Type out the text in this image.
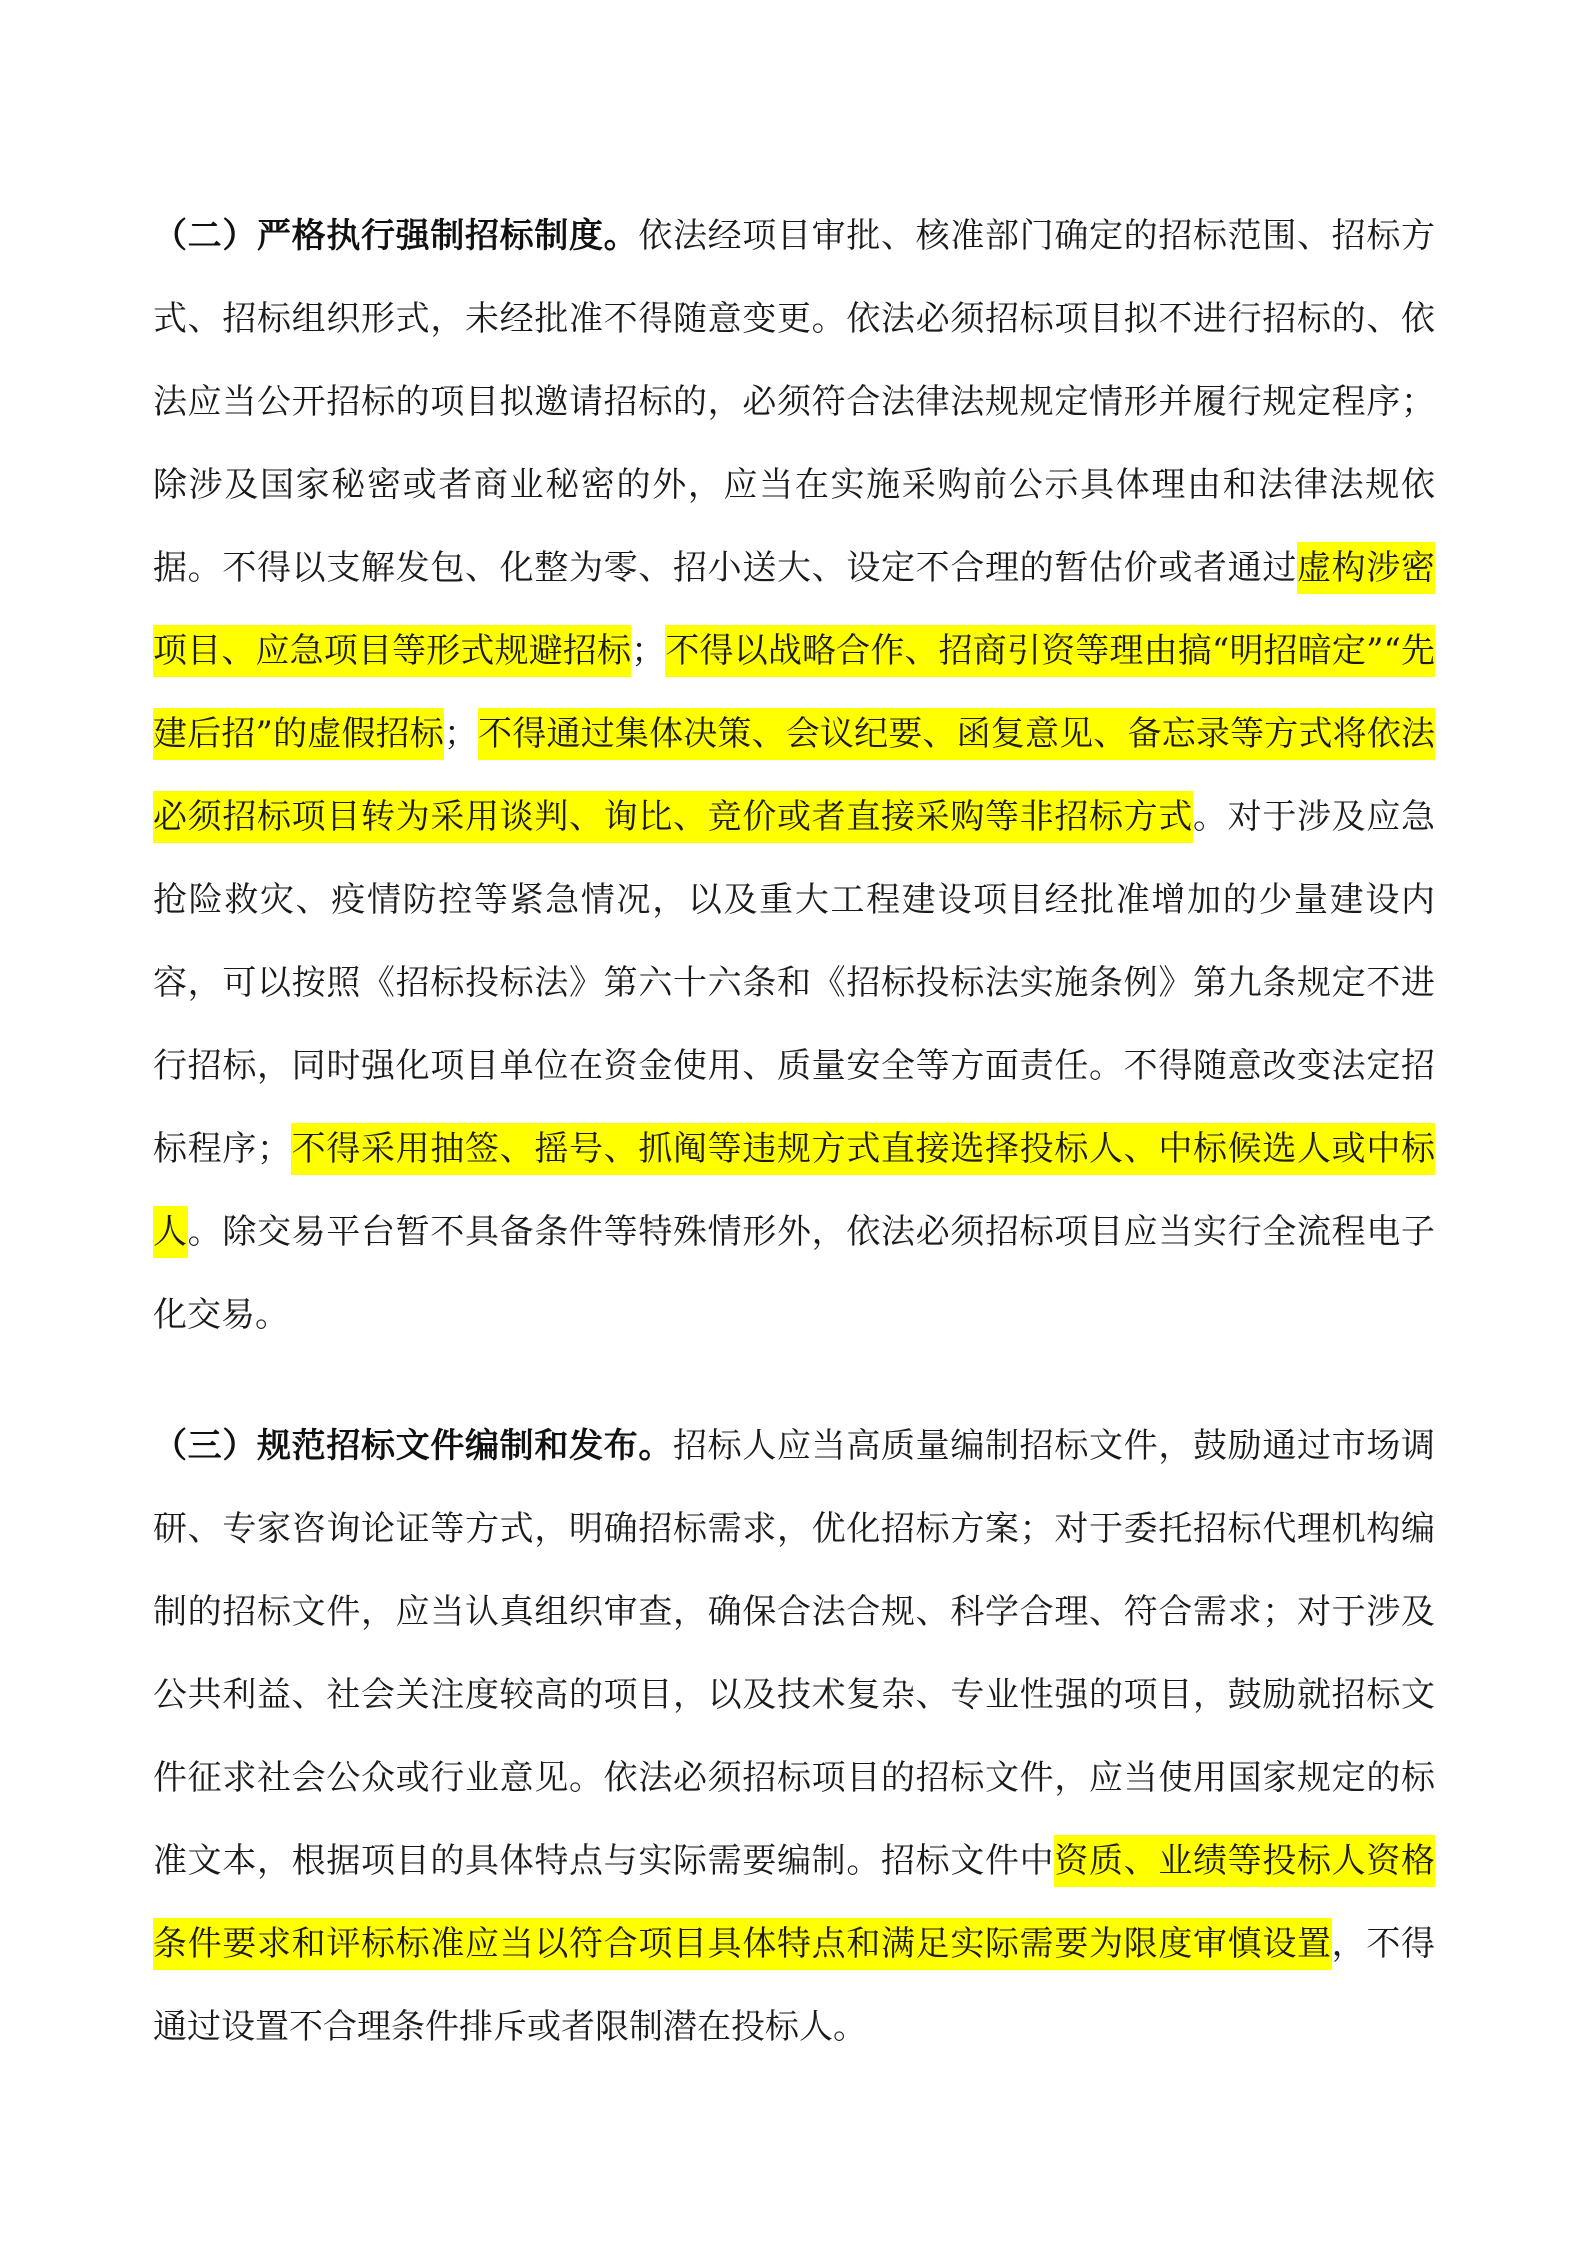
（二）严格执行强制招标制度。依法经项目审批、核准部门确定的招标范围、招标方式、招标组织形式，未经批准不得随意变更。依法必须招标项目拟不进行招标的、依法应当公开招标的项目拟邀请招标的，必须符合法律法规规定情形并履行规定程序；除涉及国家秘密或者商业秘密的外，应当在实施采购前公示具体理由和法律法规依据。不得以支解发包、化整为零、招小送大、设定不合理的暂估价或者通过虚构涉密项目、应急项目等形式规避招标；不得以战略合作、招商引资等理由搞“明招暗定”“先建后招”的虚假招标；不得通过集体决策、会议纪要、函复意见、备忘录等方式将依法必须招标项目转为采用谈判、询比、竞价或者直接采购等非招标方式。对于涉及应急抢险救灾、疫情防控等紧急情况，以及重大工程建设项目经批准增加的少量建设内容，可以按照《招标投标法》第六十六条和《招标投标法实施条例》第九条规定不进行招标，同时强化项目单位在资金使用、质量安全等方面责任。不得随意改变法定招标程序；不得采用抽签、摇号、抓阄等违规方式直接选择投标人、中标候选人或中标人。除交易平台暂不具备条件等特殊情形外，依法必须招标项目应当实行全流程电子化交易。

（三）规范招标文件编制和发布。招标人应当高质量编制招标文件，鼓励通过市场调研、专家咨询论证等方式，明确招标需求，优化招标方案；对于委托招标代理机构编制的招标文件，应当认真组织审查，确保合法合规、科学合理、符合需求；对于涉及公共利益、社会关注度较高的项目，以及技术复杂、专业性强的项目，鼓励就招标文件征求社会公众或行业意见。依法必须招标项目的招标文件，应当使用国家规定的标准文本，根据项目的具体特点与实际需要编制。招标文件中资质、业绩等投标人资格条件要求和评标标准应当以符合项目具体特点和满足实际需要为限度审慎设置，不得通过设置不合理条件排斥或者限制潜在投标人。
